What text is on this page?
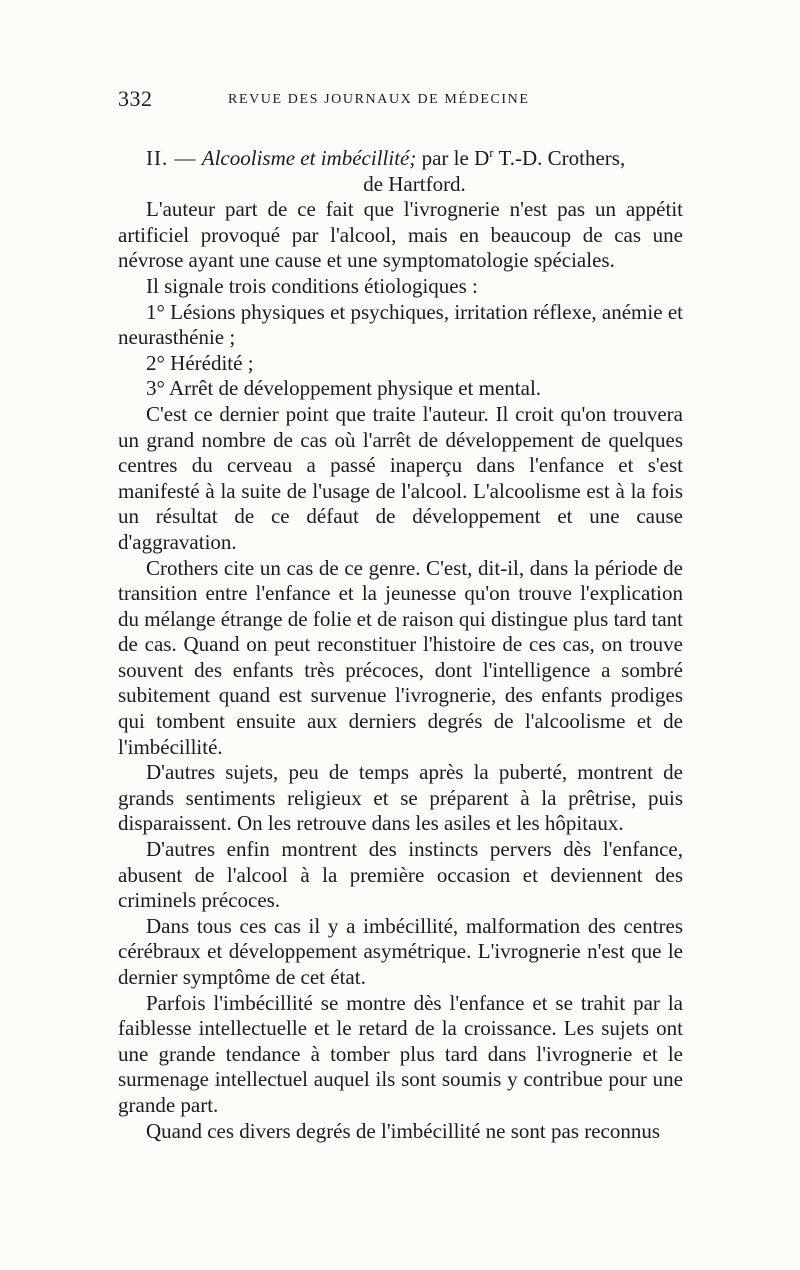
332	REVUE DES JOURNAUX DE MÉDECINE

II. — Alcoolisme et imbécillité; par le $D^r$ T.-D. Crothers,

de Hartford.

L'auteur part de ce fait que l'ivrognerie n'est pas un appétit artificiel provoqué par l'alcool, mais en beaucoup de cas une névrose ayant une cause et une symptomatologie spéciales.

Il signale trois conditions étiologiques :

1° Lésions physiques et psychiques, irritation réflexe, anémie et neurasthénie ;

2° Hérédité ;

3° Arrêt de développement physique et mental.

C'est ce dernier point que traite l'auteur. Il croit qu'on trouvera un grand nombre de cas où l'arrêt de développement de quelques centres du cerveau a passé inaperçu dans l'enfance et s'est manifesté à la suite de l'usage de l'alcool. L'alcoolisme est à la fois un résultat de ce défaut de développement et une cause d'aggravation.

Crothers cite un cas de ce genre. C'est, dit-il, dans la période de transition entre l'enfance et la jeunesse qu'on trouve l'explication du mélange étrange de folie et de raison qui distingue plus tard tant de cas. Quand on peut reconstituer l'histoire de ces cas, on trouve souvent des enfants très précoces, dont l'intelligence a sombré subitement quand est survenue l'ivrognerie, des enfants prodiges qui tombent ensuite aux derniers degrés de l'alcoolisme et de l'imbécillité.

D'autres sujets, peu de temps après la puberté, montrent de grands sentiments religieux et se préparent à la prêtrise, puis disparaissent. On les retrouve dans les asiles et les hôpitaux.

D'autres enfin montrent des instincts pervers dès l'enfance, abusent de l'alcool à la première occasion et deviennent des criminels précoces.

Dans tous ces cas il y a imbécillité, malformation des centres cérébraux et développement asymétrique. L'ivrognerie n'est que le dernier symptôme de cet état.

Parfois l'imbécillité se montre dès l'enfance et se trahit par la faiblesse intellectuelle et le retard de la croissance. Les sujets ont une grande tendance à tomber plus tard dans l'ivrognerie et le surmenage intellectuel auquel ils sont soumis y contribue pour une grande part.

Quand ces divers degrés de l'imbécillité ne sont pas reconnus
